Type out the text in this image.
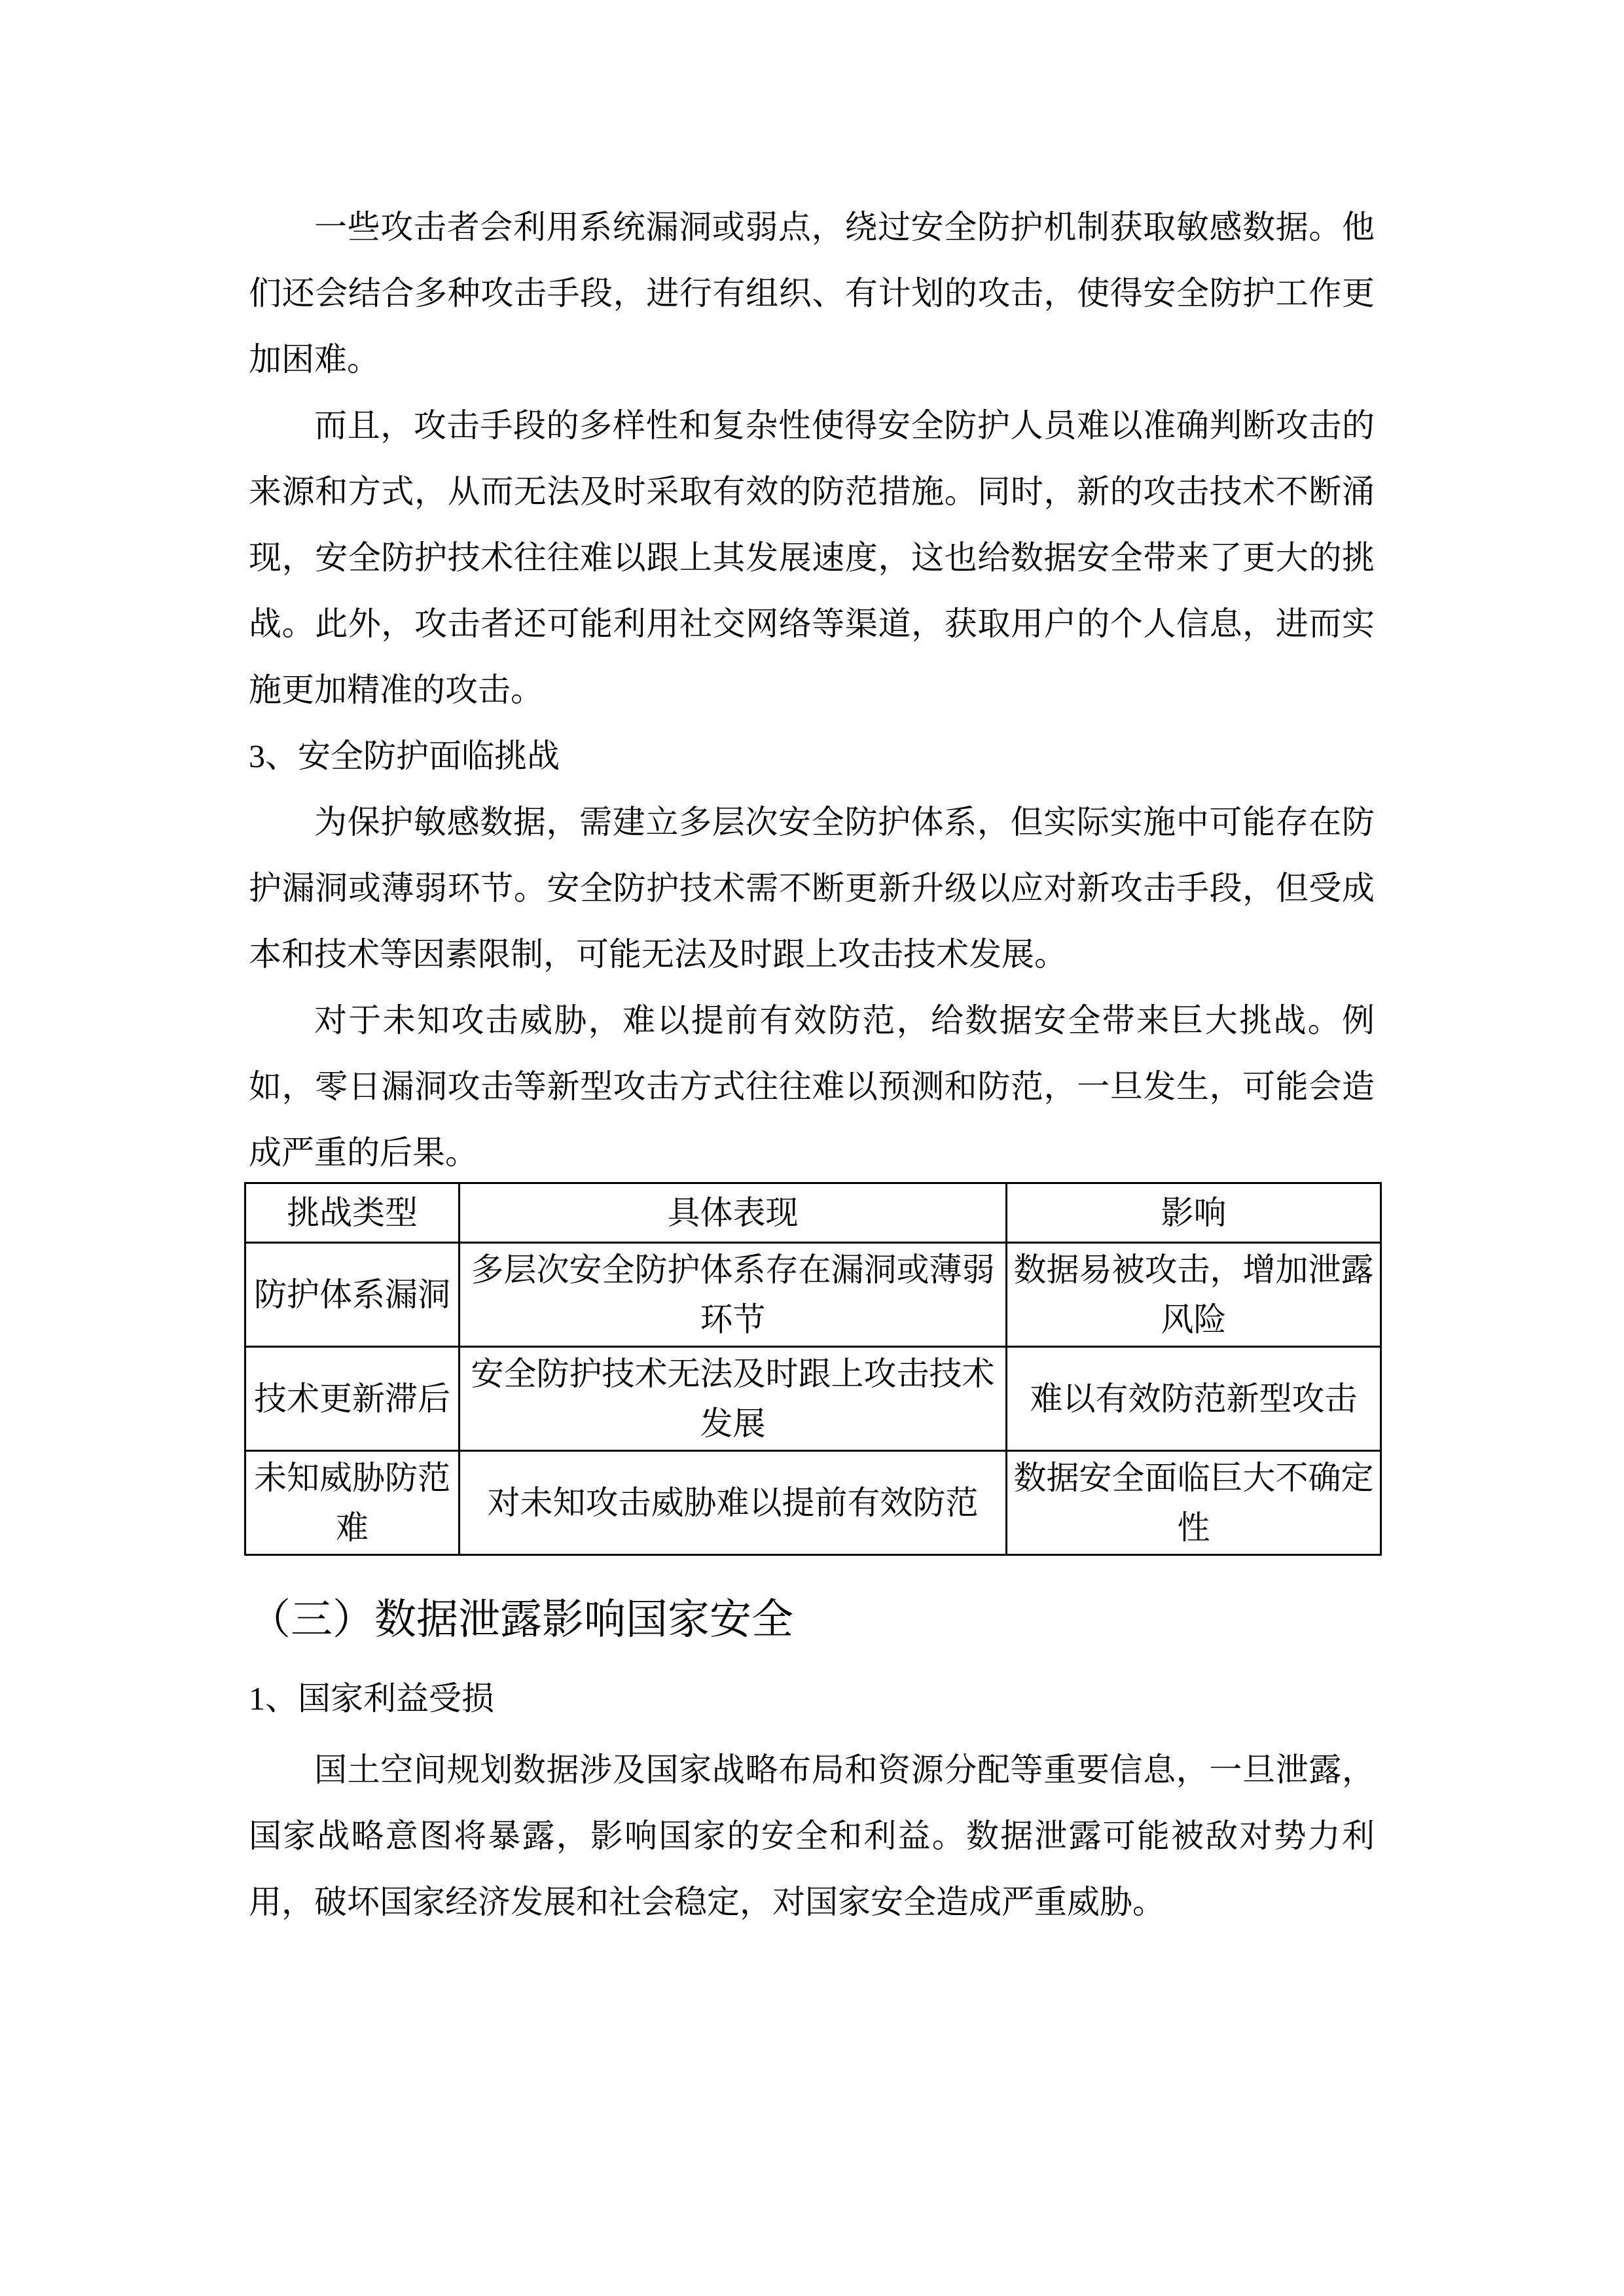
一些攻击者会利用系统漏洞或弱点，绕过安全防护机制获取敏感数据。他们还会结合多种攻击手段，进行有组织、有计划的攻击，使得安全防护工作更加困难。

而且，攻击手段的多样性和复杂性使得安全防护人员难以准确判断攻击的来源和方式，从而无法及时采取有效的防范措施。同时，新的攻击技术不断涌现，安全防护技术往往难以跟上其发展速度，这也给数据安全带来了更大的挑战。此外，攻击者还可能利用社交网络等渠道，获取用户的个人信息，进而实施更加精准的攻击。

3、安全防护面临挑战

为保护敏感数据，需建立多层次安全防护体系，但实际实施中可能存在防护漏洞或薄弱环节。安全防护技术需不断更新升级以应对新攻击手段，但受成本和技术等因素限制，可能无法及时跟上攻击技术发展。

对于未知攻击威胁，难以提前有效防范，给数据安全带来巨大挑战。例如，零日漏洞攻击等新型攻击方式往往难以预测和防范，一旦发生，可能会造成严重的后果。

挑战类型	具体表现	影响
防护体系漏洞	多层次安全防护体系存在漏洞或薄弱环节	数据易被攻击，增加泄露风险
技术更新滞后	安全防护技术无法及时跟上攻击技术发展	难以有效防范新型攻击
未知威胁防范难	对未知攻击威胁难以提前有效防范	数据安全面临巨大不确定性
（三）数据泄露影响国家安全
1、国家利益受损

国土空间规划数据涉及国家战略布局和资源分配等重要信息，一旦泄露，国家战略意图将暴露，影响国家的安全和利益。数据泄露可能被敌对势力利用，破坏国家经济发展和社会稳定，对国家安全造成严重威胁。
